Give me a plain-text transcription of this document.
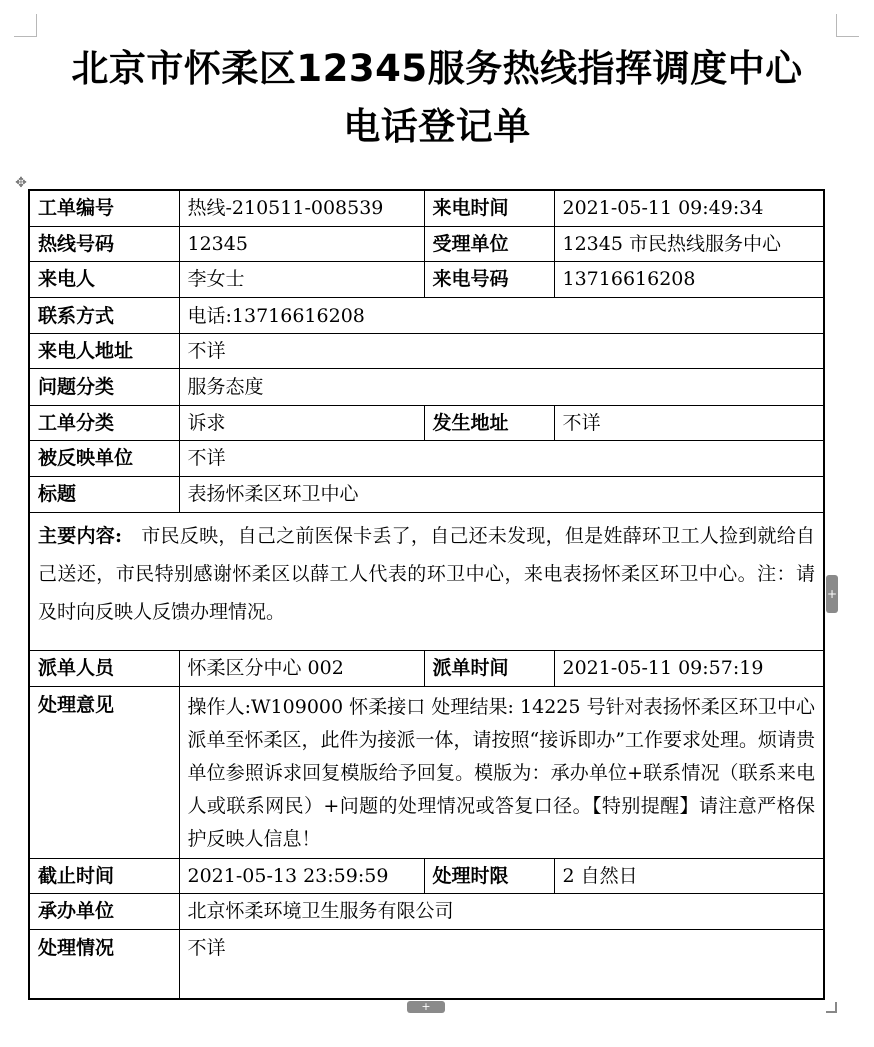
北京市怀柔区12345服务热线指挥调度中心
电话登记单
✥
工单编号	热线-210511-008539	来电时间	2021-05-11 09:49:34
热线号码	12345	受理单位	12345 市民热线服务中心
来电人	李女士	来电号码	13716616208
联系方式	电话:13716616208		
来电人地址	不详		
问题分类	服务态度		
工单分类	诉求	发生地址	不详
被反映单位	不详		
标题	表扬怀柔区环卫中心		

主要内容:  市民反映，自己之前医保卡丢了，自己还未发现，但是姓薛环卫工人捡到就给自己送还，市民特别感谢怀柔区以薛工人代表的环卫中心，来电表扬怀柔区环卫中心。注：请及时向反映人反馈办理情况。			

派单人员	怀柔区分中心 002	派单时间	2021-05-11 09:57:19
处理意见	操作人:W109000 怀柔接口 处理结果: 14225 号针对表扬怀柔区环卫中心派单至怀柔区，此件为接派一体，请按照“接诉即办”工作要求处理。烦请贵单位参照诉求回复模版给予回复。模版为：承办单位+联系情况（联系来电人或联系网民）+问题的处理情况或答复口径。【特别提醒】请注意严格保护反映人信息！		

截止时间	2021-05-13 23:59:59	处理时限	2 自然日
承办单位	北京怀柔环境卫生服务有限公司		
处理情况	不详		
+
+
